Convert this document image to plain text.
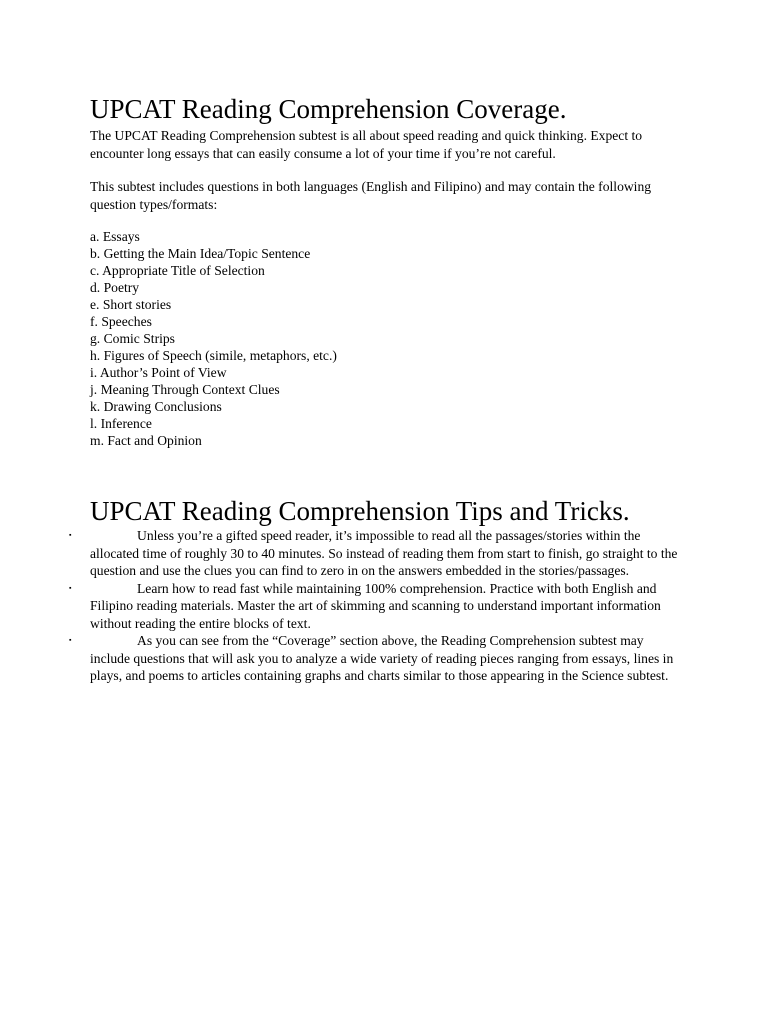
UPCAT Reading Comprehension Coverage.

The UPCAT Reading Comprehension subtest is all about speed reading and quick thinking. Expect to encounter long essays that can easily consume a lot of your time if you’re not careful.

This subtest includes questions in both languages (English and Filipino) and may contain the following question types/formats:

a. Essays
b. Getting the Main Idea/Topic Sentence
c. Appropriate Title of Selection
d. Poetry
e. Short stories
f. Speeches
g. Comic Strips
h. Figures of Speech (simile, metaphors, etc.)
i. Author’s Point of View
j. Meaning Through Context Clues
k. Drawing Conclusions
l. Inference
m. Fact and Opinion
UPCAT Reading Comprehension Tips and Tricks.
▪	Unless you’re a gifted speed reader, it’s impossible to read all the passages/stories within the allocated time of roughly 30 to 40 minutes. So instead of reading them from start to finish, go straight to the question and use the clues you can find to zero in on the answers embedded in the stories/passages.
▪	Learn how to read fast while maintaining 100% comprehension. Practice with both English and Filipino reading materials. Master the art of skimming and scanning to understand important information without reading the entire blocks of text.
▪	As you can see from the “Coverage” section above, the Reading Comprehension subtest may include questions that will ask you to analyze a wide variety of reading pieces ranging from essays, lines in plays, and poems to articles containing graphs and charts similar to those appearing in the Science subtest.
